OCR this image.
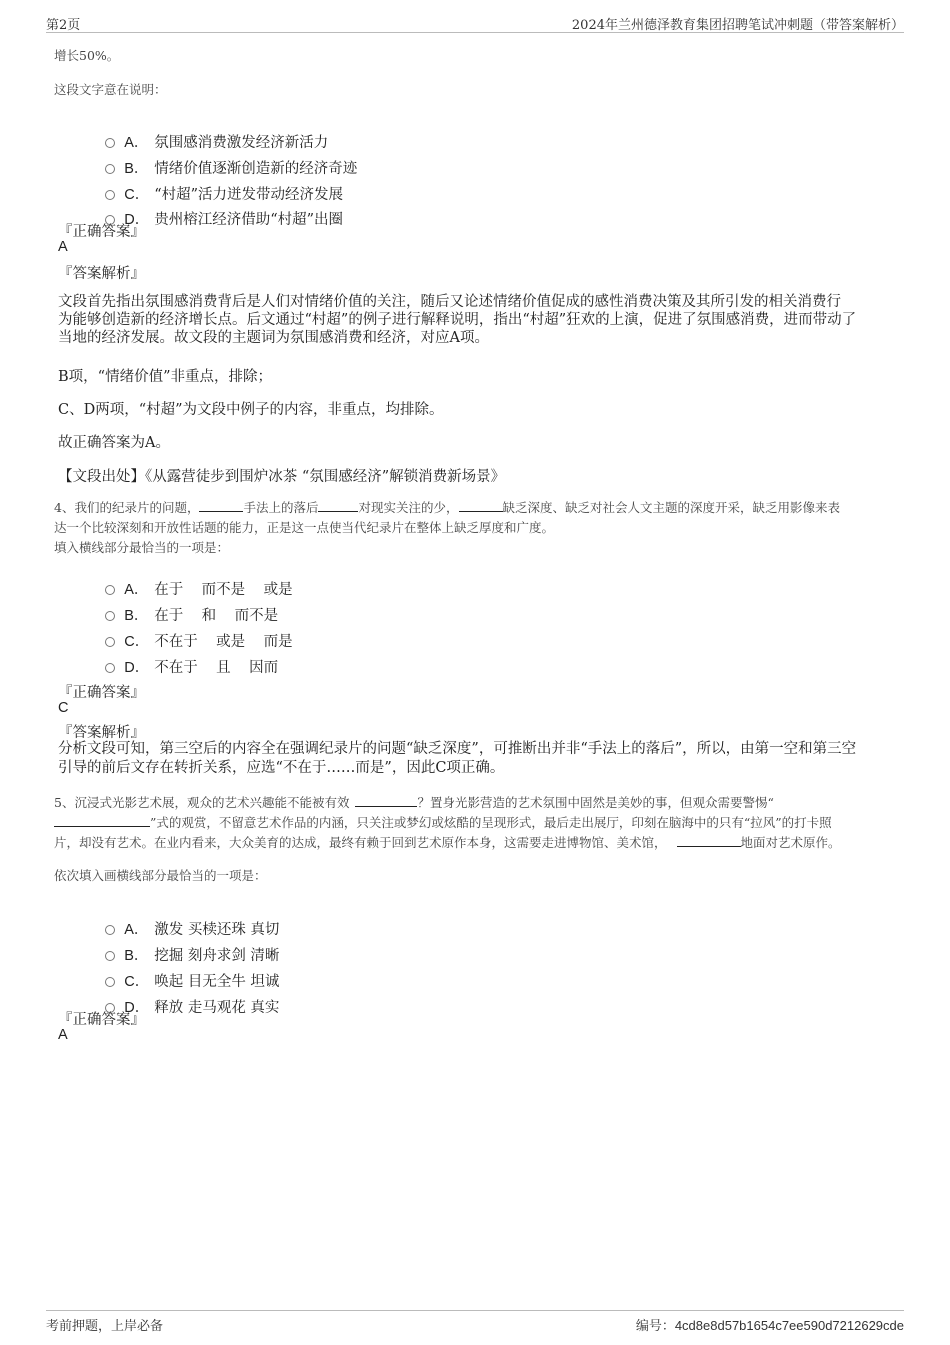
第2页	2024年兰州德泽教育集团招聘笔试冲刺题（带答案解析）
增长50%。
这段文字意在说明：

A． 氛围感消费激发经济新活力

B． 情绪价值逐渐创造新的经济奇迹

C． “村超”活力迸发带动经济发展

D． 贵州榕江经济借助“村超”出圈

『正确答案』
A
『答案解析』
文段首先指出氛围感消费背后是人们对情绪价值的关注，随后又论述情绪价值促成的感性消费决策及其所引发的相关消费行
为能够创造新的经济增长点。后文通过“村超”的例子进行解释说明，指出“村超”狂欢的上演，促进了氛围感消费，进而带动了
当地的经济发展。故文段的主题词为氛围感消费和经济，对应A项。
B项，“情绪价值”非重点，排除；
C、D两项，“村超”为文段中例子的内容，非重点，均排除。
故正确答案为A。
【文段出处】《从露营徒步到围炉冰茶 “氛围感经济”解锁消费新场景》
4、我们的纪录片的问题，	手法上的落后	对现实关注的少，	缺乏深度、缺乏对社会人文主题的深度开采，缺乏用影像来表
达一个比较深刻和开放性话题的能力，正是这一点使当代纪录片在整体上缺乏厚度和广度。
填入横线部分最恰当的一项是：

A． 在于    而不是    或是

B． 在于    和    而不是

C． 不在于    或是    而是

D． 不在于    且    因而

『正确答案』
C
『答案解析』
分析文段可知，第三空后的内容全在强调纪录片的问题“缺乏深度”，可推断出并非“手法上的落后”，所以，由第一空和第三空
引导的前后文存在转折关系，应选“不在于……而是”，因此C项正确。
5、沉浸式光影艺术展，观众的艺术兴趣能不能被有效	？置身光影营造的艺术氛围中固然是美妙的事，但观众需要警惕“
”式的观赏，不留意艺术作品的内涵，只关注或梦幻或炫酷的呈现形式，最后走出展厅，印刻在脑海中的只有“拉风”的打卡照
片，却没有艺术。在业内看来，大众美育的达成，最终有赖于回到艺术原作本身，这需要走进博物馆、美术馆，	地面对艺术原作。
依次填入画横线部分最恰当的一项是：

A． 激发 买椟还珠 真切

B． 挖掘 刻舟求剑 清晰

C． 唤起 目无全牛 坦诚

D． 释放 走马观花 真实

『正确答案』
A
考前押题，上岸必备	编号：4cd8e8d57b1654c7ee590d7212629cde
